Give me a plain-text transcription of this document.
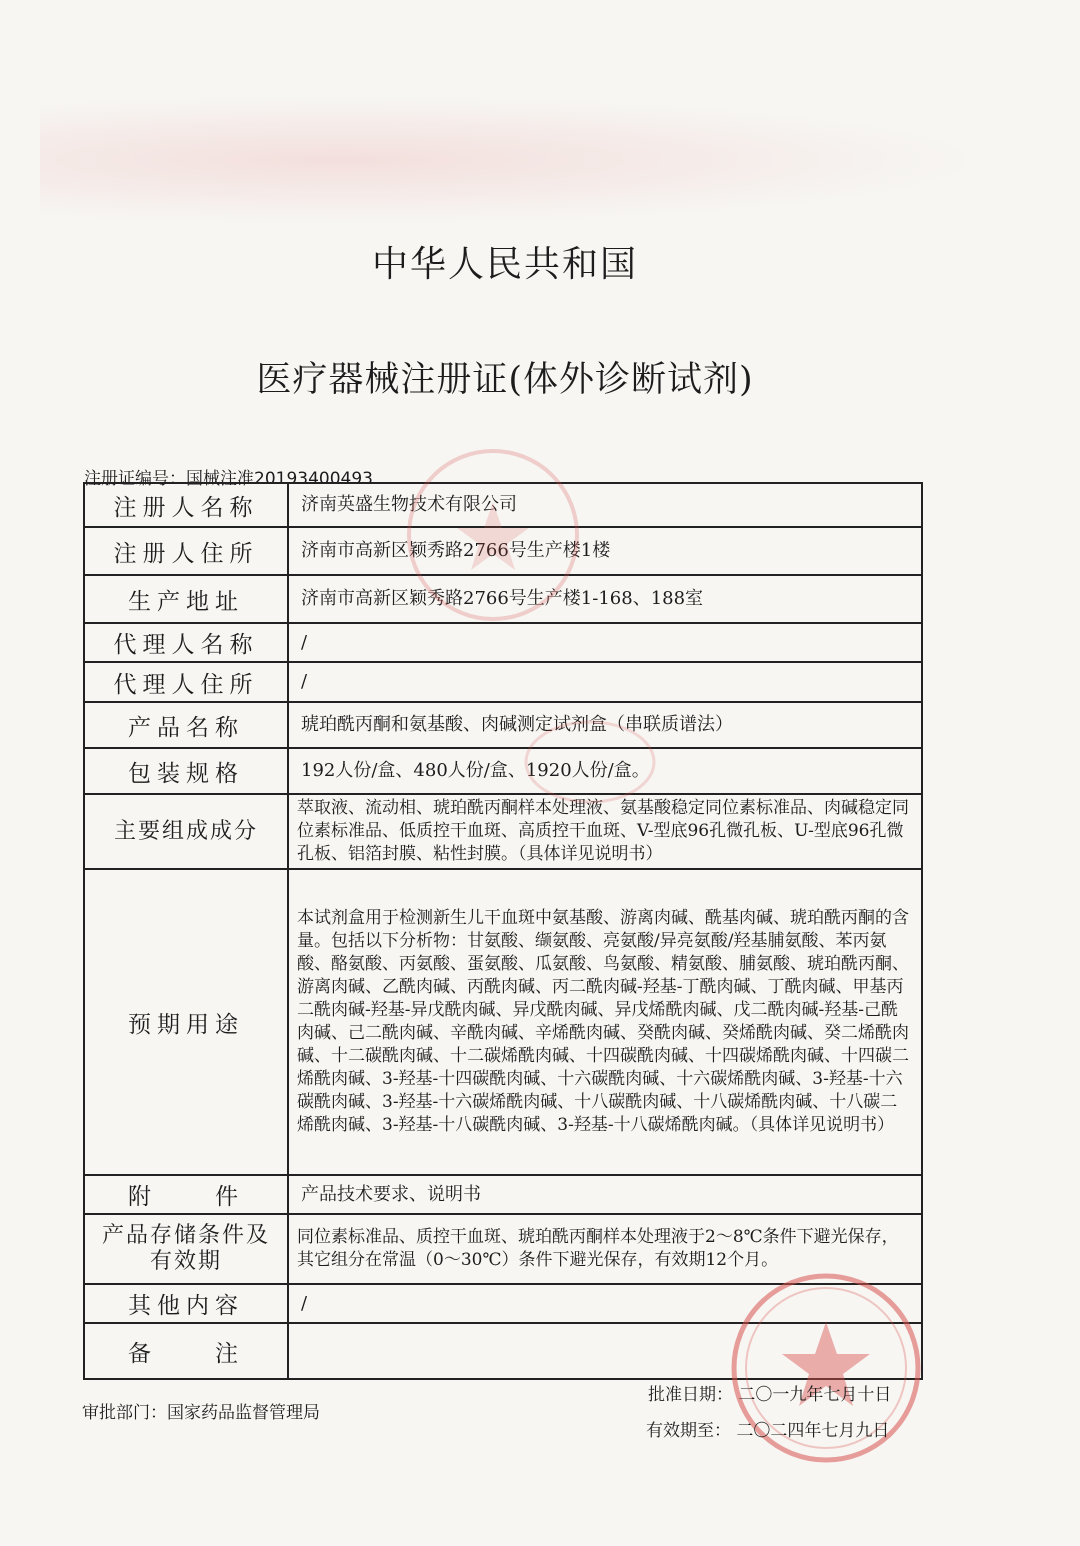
中华人民共和国
医疗器械注册证(体外诊断试剂)
注册证编号：国械注准20193400493
注册人名称	济南英盛生物技术有限公司
注册人住所	济南市高新区颖秀路2766号生产楼1楼
生产地址	济南市高新区颖秀路2766号生产楼1-168、188室
代理人名称	/
代理人住所	/
产品名称	琥珀酰丙酮和氨基酸、肉碱测定试剂盒（串联质谱法）
包装规格	192人份/盒、480人份/盒、1920人份/盒。
主要组成成分	萃取液、流动相、琥珀酰丙酮样本处理液、氨基酸稳定同位素标准品、肉碱稳定同位素标准品、低质控干血斑、高质控干血斑、V-型底96孔微孔板、U-型底96孔微孔板、铝箔封膜、粘性封膜。（具体详见说明书）
预期用途	本试剂盒用于检测新生儿干血斑中氨基酸、游离肉碱、酰基肉碱、琥珀酰丙酮的含量。包括以下分析物：甘氨酸、缬氨酸、亮氨酸/异亮氨酸/羟基脯氨酸、苯丙氨酸、酪氨酸、丙氨酸、蛋氨酸、瓜氨酸、鸟氨酸、精氨酸、脯氨酸、琥珀酰丙酮、游离肉碱、乙酰肉碱、丙酰肉碱、丙二酰肉碱-羟基-丁酰肉碱、丁酰肉碱、甲基丙二酰肉碱-羟基-异戊酰肉碱、异戊酰肉碱、异戊烯酰肉碱、戊二酰肉碱-羟基-己酰肉碱、己二酰肉碱、辛酰肉碱、辛烯酰肉碱、癸酰肉碱、癸烯酰肉碱、癸二烯酰肉碱、十二碳酰肉碱、十二碳烯酰肉碱、十四碳酰肉碱、十四碳烯酰肉碱、十四碳二烯酰肉碱、3-羟基-十四碳酰肉碱、十六碳酰肉碱、十六碳烯酰肉碱、3-羟基-十六碳酰肉碱、3-羟基-十六碳烯酰肉碱、十八碳酰肉碱、十八碳烯酰肉碱、十八碳二烯酰肉碱、3-羟基-十八碳酰肉碱、3-羟基-十八碳烯酰肉碱。（具体详见说明书）
附　　件	产品技术要求、说明书
产品存储条件及有效期	同位素标准品、质控干血斑、琥珀酰丙酮样本处理液于2～8℃条件下避光保存，其它组分在常温（0～30℃）条件下避光保存，有效期12个月。
其他内容	/
备　　注	
审批部门：国家药品监督管理局
批准日期： 二〇一九年七月十日
有效期至： 二〇二四年七月九日
